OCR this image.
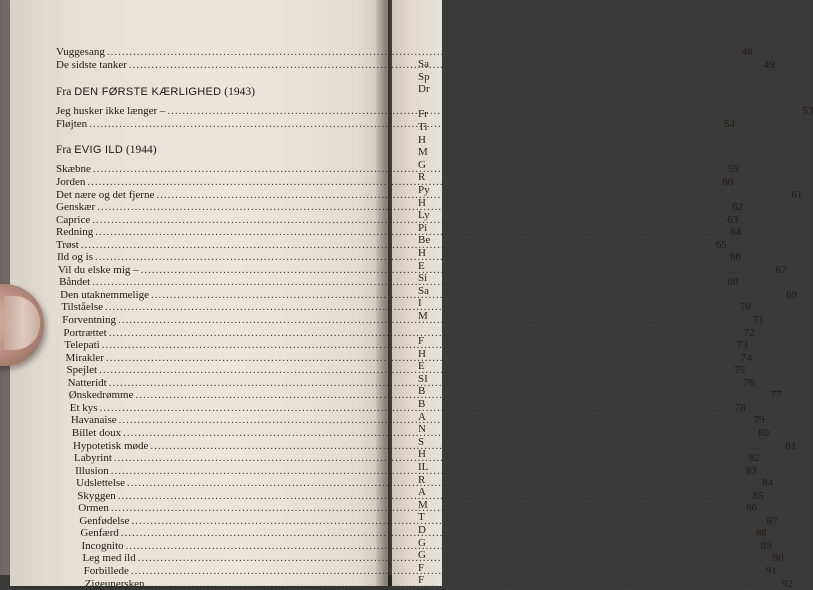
Sa
Sp
Dr
Fr
Ti
H
M
G
R
Py
H
Ly
Pi
Be
H
E
Si
Sa
I
M
F
H
E
SI
B
B
A
N
S
H
IL
R
A
M
T
D
G
G
F
F
Vuggesang .....	48
De sidste tanker .....	49
Fra DEN FØRSTE KÆRLIGHED (1943)
Jeg husker ikke længer – .....	53
Fløjten .....	54
Fra EVIG ILD (1944)
Skæbne .....	59
Jorden .....	60
Det nære og det fjerne .....	61
Genskær .....	62
Caprice .....	63
Redning .....	64
Trøst .....	65
Ild og is .....	66
Vil du elske mig – .....	67
Båndet .....	68
Den utaknemmelige .....	69
Tilståelse .....	70
Forventning .....	71
Portrættet .....	72
Telepati .....	73
Mirakler .....	74
Spejlet .....	75
Natteridt .....	76
Ønskedrømme .....	77
Et kys .....	78
Havanaise .....	79
Billet doux .....	80
Hypotetisk møde .....	81
Labyrint .....	82
Illusion .....	83
Udslettelse .....	84
Skyggen .....	85
Ormen .....	86
Genfødelse .....	87
Genfærd .....	88
Incognito .....	89
Leg med ild .....	90
Forbillede .....	91
Zigeunersken .....	92
